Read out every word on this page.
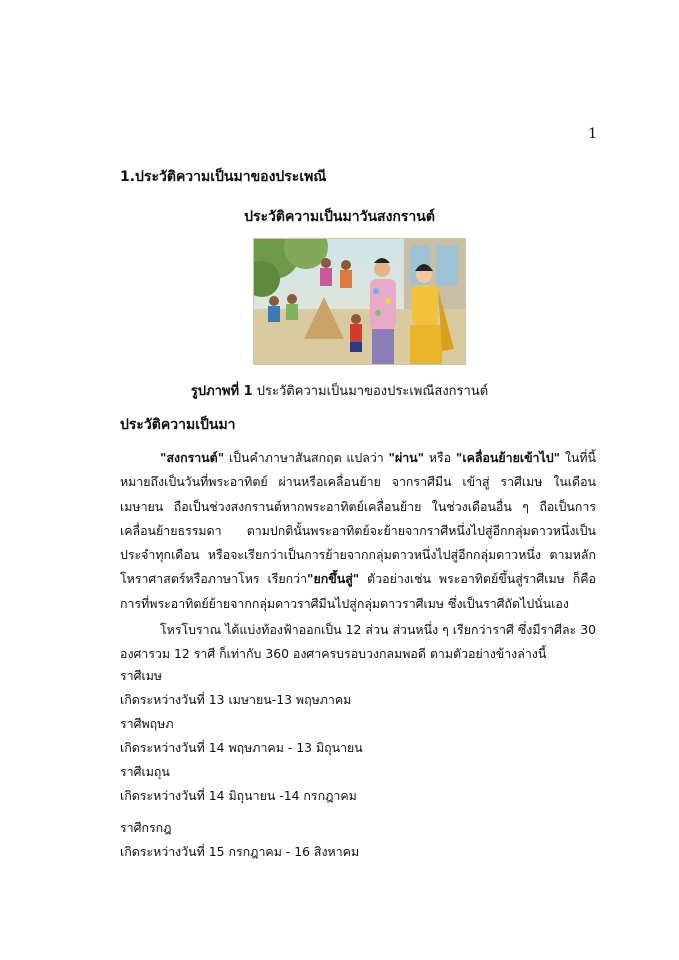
1
1.ประวัติความเป็นมาของประเพณี
ประวัติความเป็นมาวันสงกรานต์
รูปภาพที่ 1 ประวัติความเป็นมาของประเพณีสงกรานต์
ประวัติความเป็นมา
"สงกรานต์" เป็นคำภาษาสันสกฤต แปลว่า "ผ่าน" หรือ "เคลื่อนย้ายเข้าไป" ในที่นี้หมายถึงเป็นวันที่พระอาทิตย์ ผ่านหรือเคลื่อนย้าย จากราศีมีน เข้าสู่ ราศีเมษ ในเดือนเมษายน ถือเป็นช่วงสงกรานต์หากพระอาทิตย์เคลื่อนย้าย ในช่วงเดือนอื่น ๆ ถือเป็นการเคลื่อนย้ายธรรมดา ตามปกตินั้นพระอาทิตย์จะย้ายจากราศีหนึ่งไปสู่อีกกลุ่มดาวหนึ่งเป็นประจำทุกเดือน หรือจะเรียกว่าเป็นการย้ายจากกลุ่มดาวหนึ่งไปสู่อีกกลุ่มดาวหนึ่ง ตามหลักโหราศาสตร์หรือภาษาโหร เรียกว่า"ยกขึ้นสู่" ตัวอย่างเช่น พระอาทิตย์ขึ้นสู่ราศีเมษ ก็คือการที่พระอาทิตย์ย้ายจากกลุ่มดาวราศีมีนไปสู่กลุ่มดาวราศีเมษ ซึ่งเป็นราศีถัดไปนั่นเอง
โหรโบราณ ได้แบ่งท้องฟ้าออกเป็น 12 ส่วน ส่วนหนึ่ง ๆ เรียกว่าราศี ซึ่งมีราศีละ 30 องศารวม 12 ราศี ก็เท่ากับ 360 องศาครบรอบวงกลมพอดี ตามตัวอย่างข้างล่างนี้
ราศีเมษ
เกิดระหว่างวันที่ 13 เมษายน-13 พฤษภาคม
ราศีพฤษภ
เกิดระหว่างวันที่ 14 พฤษภาคม - 13 มิถุนายน
ราศีเมถุน
เกิดระหว่างวันที่ 14 มิถุนายน -14 กรกฎาคม
ราศีกรกฎ
เกิดระหว่างวันที่ 15 กรกฎาคม - 16 สิงหาคม
